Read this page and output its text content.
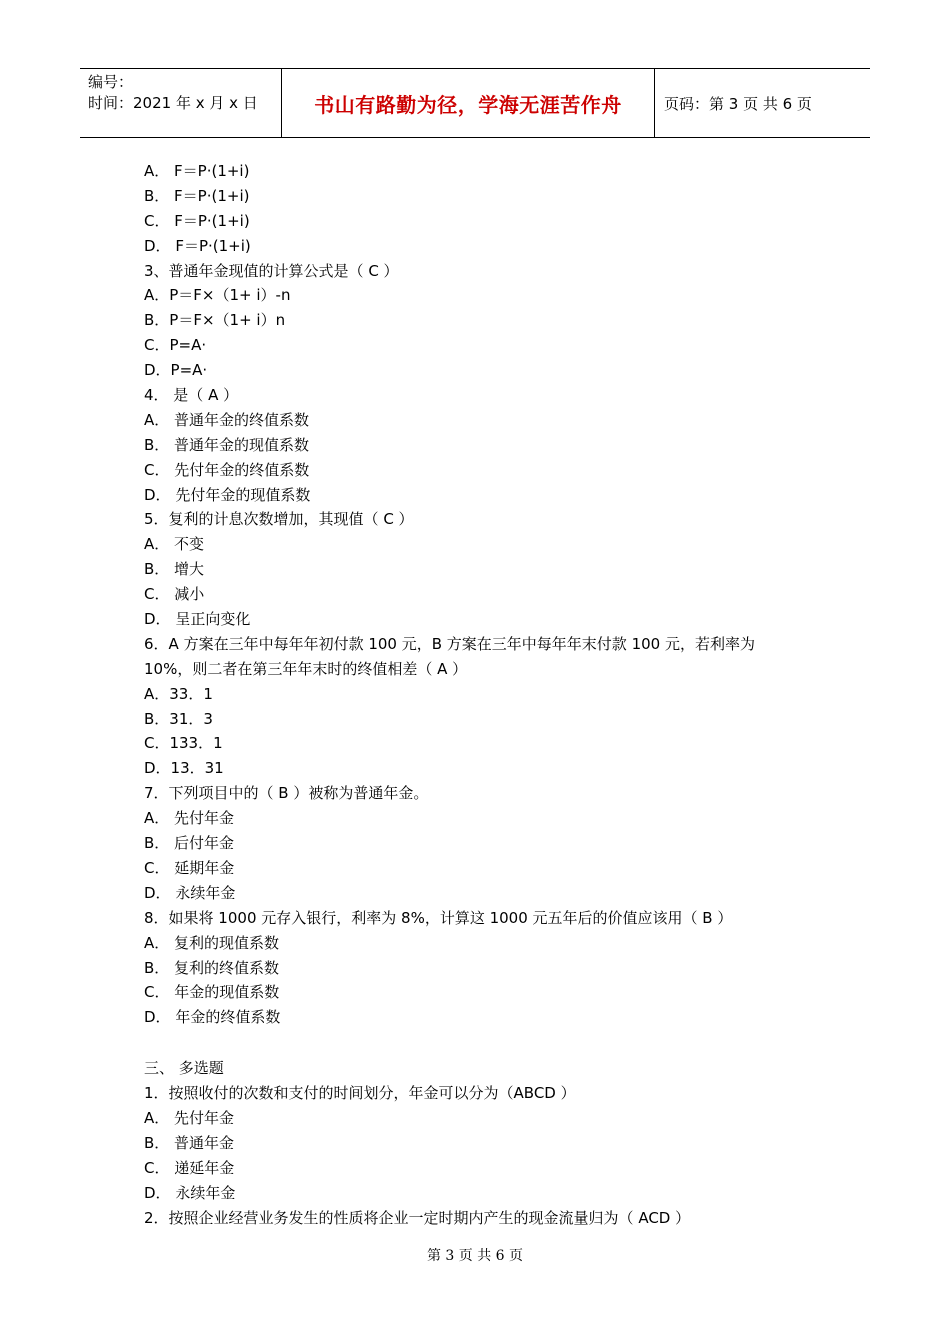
编号：
时间：2021 年 x 月 x 日	书山有路勤为径，学海无涯苦作舟	页码：第 3 页 共 6 页
A． F＝P·(1+i)
B． F＝P·(1+i)
C． F＝P·(1+i)
D． F＝P·(1+i)
3、普通年金现值的计算公式是（ C ）
A．P＝F×（1+ i）-n
B．P＝F×（1+ i）n
C．P=A·
D．P=A·
4． 是（ A ）
A． 普通年金的终值系数
B． 普通年金的现值系数
C． 先付年金的终值系数
D． 先付年金的现值系数
5．复利的计息次数增加，其现值（ C ）
A． 不变
B． 增大
C． 减小
D． 呈正向变化
6．A 方案在三年中每年年初付款 100 元，B 方案在三年中每年年末付款 100 元，若利率为
10%，则二者在第三年年末时的终值相差（ A ）
A．33．1
B．31．3
C．133．1
D．13．31
7．下列项目中的（ B ）被称为普通年金。
A． 先付年金
B． 后付年金
C． 延期年金
D． 永续年金
8．如果将 1000 元存入银行，利率为 8%，计算这 1000 元五年后的价值应该用（ B ）
A． 复利的现值系数
B． 复利的终值系数
C． 年金的现值系数
D． 年金的终值系数
三、 多选题
1．按照收付的次数和支付的时间划分，年金可以分为（ABCD ）
A． 先付年金
B． 普通年金
C． 递延年金
D． 永续年金
2．按照企业经营业务发生的性质将企业一定时期内产生的现金流量归为（ ACD ）
第 3 页 共 6 页
